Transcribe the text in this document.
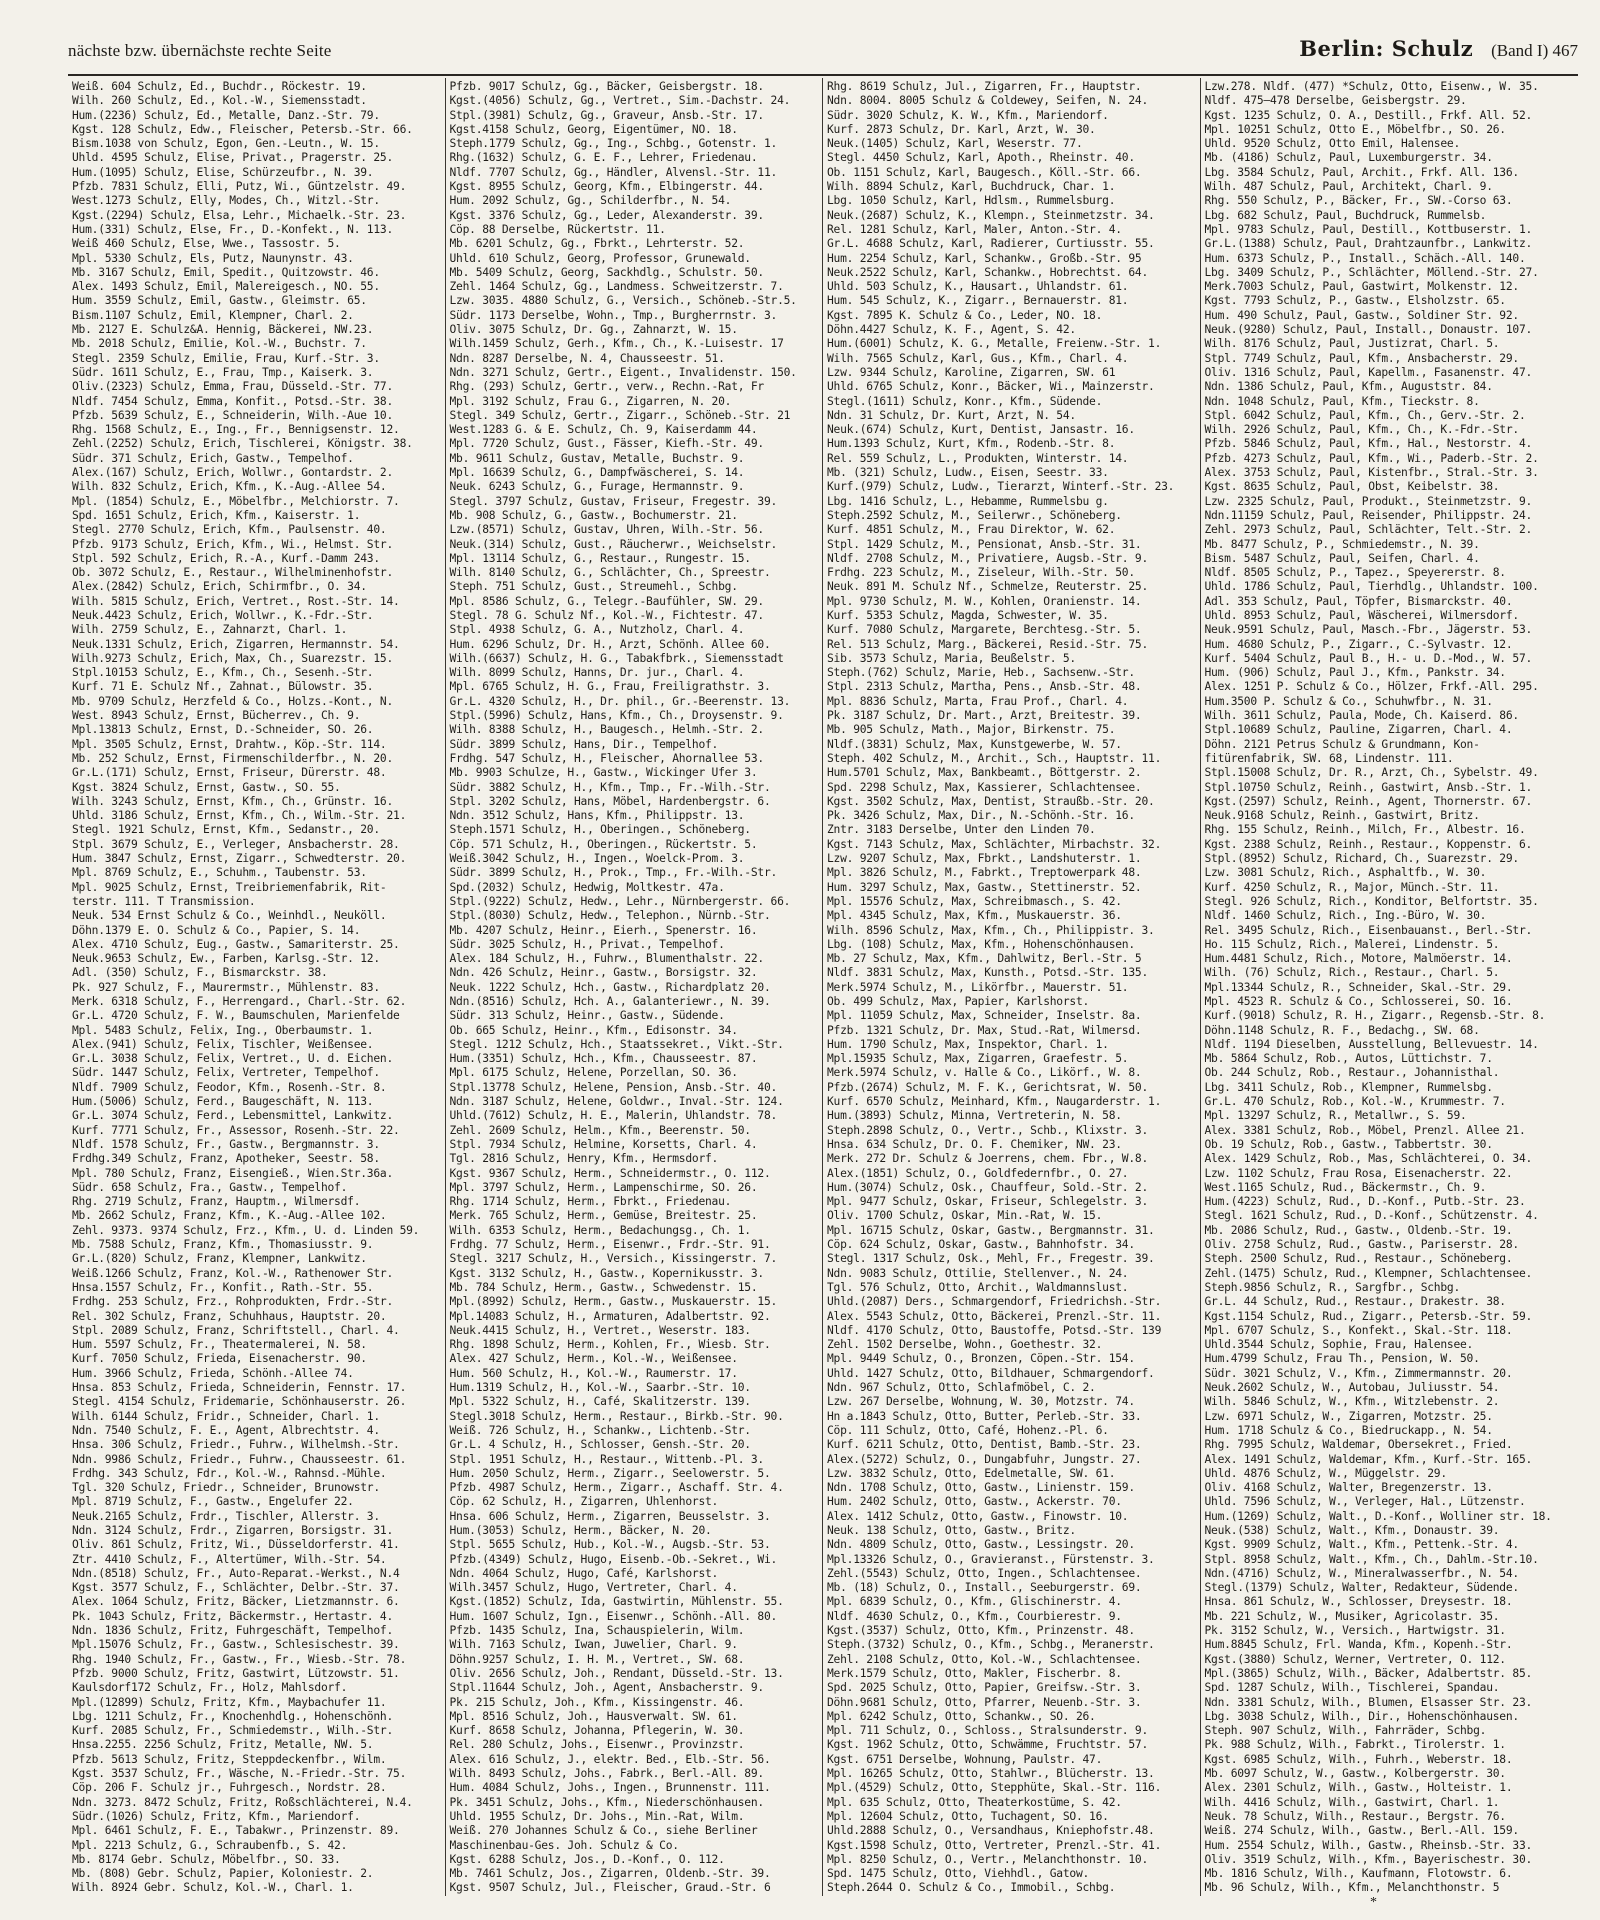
nächste bzw. übernächste rechte Seite	Berlin: Schulz (Band I) 467
Weiß. 604 Schulz, Ed., Buchdr., Röckestr. 19.
Wilh. 260 Schulz, Ed., Kol.-W., Siemensstadt.
Hum.(2236) Schulz, Ed., Metalle, Danz.-Str. 79.
Kgst. 128 Schulz, Edw., Fleischer, Petersb.-Str. 66.
Bism.1038 von Schulz, Egon, Gen.-Leutn., W. 15.
Uhld. 4595 Schulz, Elise, Privat., Pragerstr. 25.
Hum.(1095) Schulz, Elise, Schürzeufbr., N. 39.
Pfzb. 7831 Schulz, Elli, Putz, Wi., Güntzelstr. 49.
West.1273 Schulz, Elly, Modes, Ch., Witzl.-Str.
Kgst.(2294) Schulz, Elsa, Lehr., Michaelk.-Str. 23.
Hum.(331) Schulz, Else, Fr., D.-Konfekt., N. 113.
Weiß 460 Schulz, Else, Wwe., Tassostr. 5.
Mpl. 5330 Schulz, Els, Putz, Naunynstr. 43.
Mb. 3167 Schulz, Emil, Spedit., Quitzowstr. 46.
Alex. 1493 Schulz, Emil, Malereigesch., NO. 55.
Hum. 3559 Schulz, Emil, Gastw., Gleimstr. 65.
Bism.1107 Schulz, Emil, Klempner, Charl. 2.
Mb. 2127 E. Schulz&A. Hennig, Bäckerei, NW.23.
Mb. 2018 Schulz, Emilie, Kol.-W., Buchstr. 7.
Stegl. 2359 Schulz, Emilie, Frau, Kurf.-Str. 3.
Südr. 1611 Schulz, E., Frau, Tmp., Kaiserk. 3.
Oliv.(2323) Schulz, Emma, Frau, Düsseld.-Str. 77.
Nldf. 7454 Schulz, Emma, Konfit., Potsd.-Str. 38.
Pfzb. 5639 Schulz, E., Schneiderin, Wilh.-Aue 10.
Rhg. 1568 Schulz, E., Ing., Fr., Bennigsenstr. 12.
Zehl.(2252) Schulz, Erich, Tischlerei, Königstr. 38.
Südr. 371 Schulz, Erich, Gastw., Tempelhof.
Alex.(167) Schulz, Erich, Wollwr., Gontardstr. 2.
Wilh. 832 Schulz, Erich, Kfm., K.-Aug.-Allee 54.
Mpl. (1854) Schulz, E., Möbelfbr., Melchiorstr. 7.
Spd. 1651 Schulz, Erich, Kfm., Kaiserstr. 1.
Stegl. 2770 Schulz, Erich, Kfm., Paulsenstr. 40.
Pfzb. 9173 Schulz, Erich, Kfm., Wi., Helmst. Str.
Stpl. 592 Schulz, Erich, R.-A., Kurf.-Damm 243.
Ob. 3072 Schulz, E., Restaur., Wilhelminenhofstr.
Alex.(2842) Schulz, Erich, Schirmfbr., O. 34.
Wilh. 5815 Schulz, Erich, Vertret., Rost.-Str. 14.
Neuk.4423 Schulz, Erich, Wollwr., K.-Fdr.-Str.
Wilh. 2759 Schulz, E., Zahnarzt, Charl. 1.
Neuk.1331 Schulz, Erich, Zigarren, Hermannstr. 54.
Wilh.9273 Schulz, Erich, Max, Ch., Suarezstr. 15.
Stpl.10153 Schulz, E., Kfm., Ch., Sesenh.-Str.
Kurf. 71 E. Schulz Nf., Zahnat., Bülowstr. 35.
Mb. 9709 Schulz, Herzfeld & Co., Holzs.-Kont., N.
West. 8943 Schulz, Ernst, Bücherrev., Ch. 9.
Mpl.13813 Schulz, Ernst, D.-Schneider, SO. 26.
Mpl. 3505 Schulz, Ernst, Drahtw., Köp.-Str. 114.
Mb. 252 Schulz, Ernst, Firmenschilderfbr., N. 20.
Gr.L.(171) Schulz, Ernst, Friseur, Dürerstr. 48.
Kgst. 3824 Schulz, Ernst, Gastw., SO. 55.
Wilh. 3243 Schulz, Ernst, Kfm., Ch., Grünstr. 16.
Uhld. 3186 Schulz, Ernst, Kfm., Ch., Wilm.-Str. 21.
Stegl. 1921 Schulz, Ernst, Kfm., Sedanstr., 20.
Stpl. 3679 Schulz, E., Verleger, Ansbacherstr. 28.
Hum. 3847 Schulz, Ernst, Zigarr., Schwedterstr. 20.
Mpl. 8769 Schulz, E., Schuhm., Taubenstr. 53.
Mpl. 9025 Schulz, Ernst, Treibriemenfabrik, Rit-
terstr. 111. T Transmission.
Neuk. 534 Ernst Schulz & Co., Weinhdl., Neuköll.
Döhn.1379 E. O. Schulz & Co., Papier, S. 14.
Alex. 4710 Schulz, Eug., Gastw., Samariterstr. 25.
Neuk.9653 Schulz, Ew., Farben, Karlsg.-Str. 12.
Adl. (350) Schulz, F., Bismarckstr. 38.
Pk. 927 Schulz, F., Maurermstr., Mühlenstr. 83.
Merk. 6318 Schulz, F., Herrengard., Charl.-Str. 62.
Gr.L. 4720 Schulz, F. W., Baumschulen, Marienfelde
Mpl. 5483 Schulz, Felix, Ing., Oberbaumstr. 1.
Alex.(941) Schulz, Felix, Tischler, Weißensee.
Gr.L. 3038 Schulz, Felix, Vertret., U. d. Eichen.
Südr. 1447 Schulz, Felix, Vertreter, Tempelhof.
Nldf. 7909 Schulz, Feodor, Kfm., Rosenh.-Str. 8.
Hum.(5006) Schulz, Ferd., Baugeschäft, N. 113.
Gr.L. 3074 Schulz, Ferd., Lebensmittel, Lankwitz.
Kurf. 7771 Schulz, Fr., Assessor, Rosenh.-Str. 22.
Nldf. 1578 Schulz, Fr., Gastw., Bergmannstr. 3.
Frdhg.349 Schulz, Franz, Apotheker, Seestr. 58.
Mpl. 780 Schulz, Franz, Eisengieß., Wien.Str.36a.
Südr. 658 Schulz, Fra., Gastw., Tempelhof.
Rhg. 2719 Schulz, Franz, Hauptm., Wilmersdf.
Mb. 2662 Schulz, Franz, Kfm., K.-Aug.-Allee 102.
Zehl. 9373. 9374 Schulz, Frz., Kfm., U. d. Linden 59.
Mb. 7588 Schulz, Franz, Kfm., Thomasiusstr. 9.
Gr.L.(820) Schulz, Franz, Klempner, Lankwitz.
Weiß.1266 Schulz, Franz, Kol.-W., Rathenower Str.
Hnsa.1557 Schulz, Fr., Konfit., Rath.-Str. 55.
Frdhg. 253 Schulz, Frz., Rohprodukten, Frdr.-Str.
Rel. 302 Schulz, Franz, Schuhhaus, Hauptstr. 20.
Stpl. 2089 Schulz, Franz, Schriftstell., Charl. 4.
Hum. 5597 Schulz, Fr., Theatermalerei, N. 58.
Kurf. 7050 Schulz, Frieda, Eisenacherstr. 90.
Hum. 3966 Schulz, Frieda, Schönh.-Allee 74.
Hnsa. 853 Schulz, Frieda, Schneiderin, Fennstr. 17.
Stegl. 4154 Schulz, Fridemarie, Schönhauserstr. 26.
Wilh. 6144 Schulz, Fridr., Schneider, Charl. 1.
Ndn. 7540 Schulz, F. E., Agent, Albrechtstr. 4.
Hnsa. 306 Schulz, Friedr., Fuhrw., Wilhelmsh.-Str.
Ndn. 9986 Schulz, Friedr., Fuhrw., Chausseestr. 61.
Frdhg. 343 Schulz, Fdr., Kol.-W., Rahnsd.-Mühle.
Tgl. 320 Schulz, Friedr., Schneider, Brunowstr.
Mpl. 8719 Schulz, F., Gastw., Engelufer 22.
Neuk.2165 Schulz, Frdr., Tischler, Allerstr. 3.
Ndn. 3124 Schulz, Frdr., Zigarren, Borsigstr. 31.
Oliv. 861 Schulz, Fritz, Wi., Düsseldorferstr. 41.
Ztr. 4410 Schulz, F., Altertümer, Wilh.-Str. 54.
Ndn.(8518) Schulz, Fr., Auto-Reparat.-Werkst., N.4
Kgst. 3577 Schulz, F., Schlächter, Delbr.-Str. 37.
Alex. 1064 Schulz, Fritz, Bäcker, Lietzmannstr. 6.
Pk. 1043 Schulz, Fritz, Bäckermstr., Hertastr. 4.
Ndn. 1836 Schulz, Fritz, Fuhrgeschäft, Tempelhof.
Mpl.15076 Schulz, Fr., Gastw., Schlesischestr. 39.
Rhg. 1940 Schulz, Fr., Gastw., Fr., Wiesb.-Str. 78.
Pfzb. 9000 Schulz, Fritz, Gastwirt, Lützowstr. 51.
Kaulsdorf172 Schulz, Fr., Holz, Mahlsdorf.
Mpl.(12899) Schulz, Fritz, Kfm., Maybachufer 11.
Lbg. 1211 Schulz, Fr., Knochenhdlg., Hohenschönh.
Kurf. 2085 Schulz, Fr., Schmiedemstr., Wilh.-Str.
Hnsa.2255. 2256 Schulz, Fritz, Metalle, NW. 5.
Pfzb. 5613 Schulz, Fritz, Steppdeckenfbr., Wilm.
Kgst. 3537 Schulz, Fr., Wäsche, N.-Friedr.-Str. 75.
Cöp. 206 F. Schulz jr., Fuhrgesch., Nordstr. 28.
Ndn. 3273. 8472 Schulz, Fritz, Roßschlächterei, N.4.
Südr.(1026) Schulz, Fritz, Kfm., Mariendorf.
Mpl. 6461 Schulz, F. E., Tabakwr., Prinzenstr. 89.
Mpl. 2213 Schulz, G., Schraubenfb., S. 42.
Mb. 8174 Gebr. Schulz, Möbelfbr., SO. 33.
Mb. (808) Gebr. Schulz, Papier, Koloniestr. 2.
Wilh. 8924 Gebr. Schulz, Kol.-W., Charl. 1.
Pfzb. 9017 Schulz, Gg., Bäcker, Geisbergstr. 18.
Kgst.(4056) Schulz, Gg., Vertret., Sim.-Dachstr. 24.
Stpl.(3981) Schulz, Gg., Graveur, Ansb.-Str. 17.
Kgst.4158 Schulz, Georg, Eigentümer, NO. 18.
Steph.1779 Schulz, Gg., Ing., Schbg., Gotenstr. 1.
Rhg.(1632) Schulz, G. E. F., Lehrer, Friedenau.
Nldf. 7707 Schulz, Gg., Händler, Alvensl.-Str. 11.
Kgst. 8955 Schulz, Georg, Kfm., Elbingerstr. 44.
Hum. 2092 Schulz, Gg., Schilderfbr., N. 54.
Kgst. 3376 Schulz, Gg., Leder, Alexanderstr. 39.
Cöp. 88 Derselbe, Rückertstr. 11.
Mb. 6201 Schulz, Gg., Fbrkt., Lehrterstr. 52.
Uhld. 610 Schulz, Georg, Professor, Grunewald.
Mb. 5409 Schulz, Georg, Sackhdlg., Schulstr. 50.
Zehl. 1464 Schulz, Gg., Landmess. Schweitzerstr. 7.
Lzw. 3035. 4880 Schulz, G., Versich., Schöneb.-Str.5.
Südr. 1173 Derselbe, Wohn., Tmp., Burgherrnstr. 3.
Oliv. 3075 Schulz, Dr. Gg., Zahnarzt, W. 15.
Wilh.1459 Schulz, Gerh., Kfm., Ch., K.-Luisestr. 17
Ndn. 8287 Derselbe, N. 4, Chausseestr. 51.
Ndn. 3271 Schulz, Gertr., Eigent., Invalidenstr. 150.
Rhg. (293) Schulz, Gertr., verw., Rechn.-Rat, Fr
Mpl. 3192 Schulz, Frau G., Zigarren, N. 20.
Stegl. 349 Schulz, Gertr., Zigarr., Schöneb.-Str. 21
West.1283 G. & E. Schulz, Ch. 9, Kaiserdamm 44.
Mpl. 7720 Schulz, Gust., Fässer, Kiefh.-Str. 49.
Mb. 9611 Schulz, Gustav, Metalle, Buchstr. 9.
Mpl. 16639 Schulz, G., Dampfwäscherei, S. 14.
Neuk. 6243 Schulz, G., Furage, Hermannstr. 9.
Stegl. 3797 Schulz, Gustav, Friseur, Fregestr. 39.
Mb. 908 Schulz, G., Gastw., Bochumerstr. 21.
Lzw.(8571) Schulz, Gustav, Uhren, Wilh.-Str. 56.
Neuk.(314) Schulz, Gust., Räucherwr., Weichselstr.
Mpl. 13114 Schulz, G., Restaur., Rungestr. 15.
Wilh. 8140 Schulz, G., Schlächter, Ch., Spreestr.
Steph. 751 Schulz, Gust., Streumehl., Schbg.
Mpl. 8586 Schulz, G., Telegr.-Baufühler, SW. 29.
Stegl. 78 G. Schulz Nf., Kol.-W., Fichtestr. 47.
Stpl. 4938 Schulz, G. A., Nutzholz, Charl. 4.
Hum. 6296 Schulz, Dr. H., Arzt, Schönh. Allee 60.
Wilh.(6637) Schulz, H. G., Tabakfbrk., Siemensstadt
Wilh. 8099 Schulz, Hanns, Dr. jur., Charl. 4.
Mpl. 6765 Schulz, H. G., Frau, Freiligrathstr. 3.
Gr.L. 4320 Schulz, H., Dr. phil., Gr.-Beerenstr. 13.
Stpl.(5996) Schulz, Hans, Kfm., Ch., Droysenstr. 9.
Wilh. 8388 Schulz, H., Baugesch., Helmh.-Str. 2.
Südr. 3899 Schulz, Hans, Dir., Tempelhof.
Frdhg. 547 Schulz, H., Fleischer, Ahornallee 53.
Mb. 9903 Schulze, H., Gastw., Wickinger Ufer 3.
Südr. 3882 Schulz, H., Kfm., Tmp., Fr.-Wilh.-Str.
Stpl. 3202 Schulz, Hans, Möbel, Hardenbergstr. 6.
Ndn. 3512 Schulz, Hans, Kfm., Philippstr. 13.
Steph.1571 Schulz, H., Oberingen., Schöneberg.
Cöp. 571 Schulz, H., Oberingen., Rückertstr. 5.
Weiß.3042 Schulz, H., Ingen., Woelck-Prom. 3.
Südr. 3899 Schulz, H., Prok., Tmp., Fr.-Wilh.-Str.
Spd.(2032) Schulz, Hedwig, Moltkestr. 47a.
Stpl.(9222) Schulz, Hedw., Lehr., Nürnbergerstr. 66.
Stpl.(8030) Schulz, Hedw., Telephon., Nürnb.-Str.
Mb. 4207 Schulz, Heinr., Eierh., Spenerstr. 16.
Südr. 3025 Schulz, H., Privat., Tempelhof.
Alex. 184 Schulz, H., Fuhrw., Blumenthalstr. 22.
Ndn. 426 Schulz, Heinr., Gastw., Borsigstr. 32.
Neuk. 1222 Schulz, Hch., Gastw., Richardplatz 20.
Ndn.(8516) Schulz, Hch. A., Galanteriewr., N. 39.
Südr. 313 Schulz, Heinr., Gastw., Südende.
Ob. 665 Schulz, Heinr., Kfm., Edisonstr. 34.
Stegl. 1212 Schulz, Hch., Staatssekret., Vikt.-Str.
Hum.(3351) Schulz, Hch., Kfm., Chausseestr. 87.
Mpl. 6175 Schulz, Helene, Porzellan, SO. 36.
Stpl.13778 Schulz, Helene, Pension, Ansb.-Str. 40.
Ndn. 3187 Schulz, Helene, Goldwr., Inval.-Str. 124.
Uhld.(7612) Schulz, H. E., Malerin, Uhlandstr. 78.
Zehl. 2609 Schulz, Helm., Kfm., Beerenstr. 50.
Stpl. 7934 Schulz, Helmine, Korsetts, Charl. 4.
Tgl. 2816 Schulz, Henry, Kfm., Hermsdorf.
Kgst. 9367 Schulz, Herm., Schneidermstr., O. 112.
Mpl. 3797 Schulz, Herm., Lampenschirme, SO. 26.
Rhg. 1714 Schulz, Herm., Fbrkt., Friedenau.
Merk. 765 Schulz, Herm., Gemüse, Breitestr. 25.
Wilh. 6353 Schulz, Herm., Bedachungsg., Ch. 1.
Frdhg. 77 Schulz, Herm., Eisenwr., Frdr.-Str. 91.
Stegl. 3217 Schulz, H., Versich., Kissingerstr. 7.
Kgst. 3132 Schulz, H., Gastw., Kopernikusstr. 3.
Mb. 784 Schulz, Herm., Gastw., Schwedenstr. 15.
Mpl.(8992) Schulz, Herm., Gastw., Muskauerstr. 15.
Mpl.14083 Schulz, H., Armaturen, Adalbertstr. 92.
Neuk.4415 Schulz, H., Vertret., Weserstr. 183.
Rhg. 1898 Schulz, Herm., Kohlen, Fr., Wiesb. Str.
Alex. 427 Schulz, Herm., Kol.-W., Weißensee.
Hum. 560 Schulz, H., Kol.-W., Raumerstr. 17.
Hum.1319 Schulz, H., Kol.-W., Saarbr.-Str. 10.
Mpl. 5322 Schulz, H., Café, Skalitzerstr. 139.
Stegl.3018 Schulz, Herm., Restaur., Birkb.-Str. 90.
Weiß. 726 Schulz, H., Schankw., Lichtenb.-Str.
Gr.L. 4 Schulz, H., Schlosser, Gensh.-Str. 20.
Stpl. 1951 Schulz, H., Restaur., Wittenb.-Pl. 3.
Hum. 2050 Schulz, Herm., Zigarr., Seelowerstr. 5.
Pfzb. 4987 Schulz, Herm., Zigarr., Aschaff. Str. 4.
Cöp. 62 Schulz, H., Zigarren, Uhlenhorst.
Hnsa. 606 Schulz, Herm., Zigarren, Beusselstr. 3.
Hum.(3053) Schulz, Herm., Bäcker, N. 20.
Stpl. 5655 Schulz, Hub., Kol.-W., Augsb.-Str. 53.
Pfzb.(4349) Schulz, Hugo, Eisenb.-Ob.-Sekret., Wi.
Ndn. 4064 Schulz, Hugo, Café, Karlshorst.
Wilh.3457 Schulz, Hugo, Vertreter, Charl. 4.
Kgst.(1852) Schulz, Ida, Gastwirtin, Mühlenstr. 55.
Hum. 1607 Schulz, Ign., Eisenwr., Schönh.-All. 80.
Pfzb. 1435 Schulz, Ina, Schauspielerin, Wilm.
Wilh. 7163 Schulz, Iwan, Juwelier, Charl. 9.
Döhn.9257 Schulz, I. H. M., Vertret., SW. 68.
Oliv. 2656 Schulz, Joh., Rendant, Düsseld.-Str. 13.
Stpl.11644 Schulz, Joh., Agent, Ansbacherstr. 9.
Pk. 215 Schulz, Joh., Kfm., Kissingenstr. 46.
Mpl. 8516 Schulz, Joh., Hausverwalt. SW. 61.
Kurf. 8658 Schulz, Johanna, Pflegerin, W. 30.
Rel. 280 Schulz, Johs., Eisenwr., Provinzstr.
Alex. 616 Schulz, J., elektr. Bed., Elb.-Str. 56.
Wilh. 8493 Schulz, Johs., Fabrk., Berl.-All. 89.
Hum. 4084 Schulz, Johs., Ingen., Brunnenstr. 111.
Pk. 3451 Schulz, Johs., Kfm., Niederschönhausen.
Uhld. 1955 Schulz, Dr. Johs., Min.-Rat, Wilm.
Weiß. 270 Johannes Schulz & Co., siehe Berliner
Maschinenbau-Ges. Joh. Schulz & Co.
Kgst. 6288 Schulz, Jos., D.-Konf., O. 112.
Mb. 7461 Schulz, Jos., Zigarren, Oldenb.-Str. 39.
Kgst. 9507 Schulz, Jul., Fleischer, Graud.-Str. 6
Rhg. 8619 Schulz, Jul., Zigarren, Fr., Hauptstr.
Ndn. 8004. 8005 Schulz & Coldewey, Seifen, N. 24.
Südr. 3020 Schulz, K. W., Kfm., Mariendorf.
Kurf. 2873 Schulz, Dr. Karl, Arzt, W. 30.
Neuk.(1405) Schulz, Karl, Weserstr. 77.
Stegl. 4450 Schulz, Karl, Apoth., Rheinstr. 40.
Ob. 1151 Schulz, Karl, Baugesch., Köll.-Str. 66.
Wilh. 8894 Schulz, Karl, Buchdruck, Char. 1.
Lbg. 1050 Schulz, Karl, Hdlsm., Rummelsburg.
Neuk.(2687) Schulz, K., Klempn., Steinmetzstr. 34.
Rel. 1281 Schulz, Karl, Maler, Anton.-Str. 4.
Gr.L. 4688 Schulz, Karl, Radierer, Curtiusstr. 55.
Hum. 2254 Schulz, Karl, Schankw., Großb.-Str. 95
Neuk.2522 Schulz, Karl, Schankw., Hobrechtst. 64.
Uhld. 503 Schulz, K., Hausart., Uhlandstr. 61.
Hum. 545 Schulz, K., Zigarr., Bernauerstr. 81.
Kgst. 7895 K. Schulz & Co., Leder, NO. 18.
Döhn.4427 Schulz, K. F., Agent, S. 42.
Hum.(6001) Schulz, K. G., Metalle, Freienw.-Str. 1.
Wilh. 7565 Schulz, Karl, Gus., Kfm., Charl. 4.
Lzw. 9344 Schulz, Karoline, Zigarren, SW. 61
Uhld. 6765 Schulz, Konr., Bäcker, Wi., Mainzerstr.
Stegl.(1611) Schulz, Konr., Kfm., Südende.
Ndn. 31 Schulz, Dr. Kurt, Arzt, N. 54.
Neuk.(674) Schulz, Kurt, Dentist, Jansastr. 16.
Hum.1393 Schulz, Kurt, Kfm., Rodenb.-Str. 8.
Rel. 559 Schulz, L., Produkten, Winterstr. 14.
Mb. (321) Schulz, Ludw., Eisen, Seestr. 33.
Kurf.(979) Schulz, Ludw., Tierarzt, Winterf.-Str. 23.
Lbg. 1416 Schulz, L., Hebamme, Rummelsbu g.
Steph.2592 Schulz, M., Seilerwr., Schöneberg.
Kurf. 4851 Schulz, M., Frau Direktor, W. 62.
Stpl. 1429 Schulz, M., Pensionat, Ansb.-Str. 31.
Nldf. 2708 Schulz, M., Privatiere, Augsb.-Str. 9.
Frdhg. 223 Schulz, M., Ziseleur, Wilh.-Str. 50.
Neuk. 891 M. Schulz Nf., Schmelze, Reuterstr. 25.
Mpl. 9730 Schulz, M. W., Kohlen, Oranienstr. 14.
Kurf. 5353 Schulz, Magda, Schwester, W. 35.
Kurf. 7080 Schulz, Margarete, Berchtesg.-Str. 5.
Rel. 513 Schulz, Marg., Bäckerei, Resid.-Str. 75.
Sib. 3573 Schulz, Maria, Beußelstr. 5.
Steph.(762) Schulz, Marie, Heb., Sachsenw.-Str.
Stpl. 2313 Schulz, Martha, Pens., Ansb.-Str. 48.
Mpl. 8836 Schulz, Marta, Frau Prof., Charl. 4.
Pk. 3187 Schulz, Dr. Mart., Arzt, Breitestr. 39.
Mb. 905 Schulz, Math., Major, Birkenstr. 75.
Nldf.(3831) Schulz, Max, Kunstgewerbe, W. 57.
Steph. 402 Schulz, M., Archit., Sch., Hauptstr. 11.
Hum.5701 Schulz, Max, Bankbeamt., Böttgerstr. 2.
Spd. 2298 Schulz, Max, Kassierer, Schlachtensee.
Kgst. 3502 Schulz, Max, Dentist, Straußb.-Str. 20.
Pk. 3426 Schulz, Max, Dir., N.-Schönh.-Str. 16.
Zntr. 3183 Derselbe, Unter den Linden 70.
Kgst. 7143 Schulz, Max, Schlächter, Mirbachstr. 32.
Lzw. 9207 Schulz, Max, Fbrkt., Landshuterstr. 1.
Mpl. 3826 Schulz, M., Fabrkt., Treptowerpark 48.
Hum. 3297 Schulz, Max, Gastw., Stettinerstr. 52.
Mpl. 15576 Schulz, Max, Schreibmasch., S. 42.
Mpl. 4345 Schulz, Max, Kfm., Muskauerstr. 36.
Wilh. 8596 Schulz, Max, Kfm., Ch., Philippistr. 3.
Lbg. (108) Schulz, Max, Kfm., Hohenschönhausen.
Mb. 27 Schulz, Max, Kfm., Dahlwitz, Berl.-Str. 5
Nldf. 3831 Schulz, Max, Kunsth., Potsd.-Str. 135.
Merk.5974 Schulz, M., Likörfbr., Mauerstr. 51.
Ob. 499 Schulz, Max, Papier, Karlshorst.
Mpl. 11059 Schulz, Max, Schneider, Inselstr. 8a.
Pfzb. 1321 Schulz, Dr. Max, Stud.-Rat, Wilmersd.
Hum. 1790 Schulz, Max, Inspektor, Charl. 1.
Mpl.15935 Schulz, Max, Zigarren, Graefestr. 5.
Merk.5974 Schulz, v. Halle & Co., Likörf., W. 8.
Pfzb.(2674) Schulz, M. F. K., Gerichtsrat, W. 50.
Kurf. 6570 Schulz, Meinhard, Kfm., Naugarderstr. 1.
Hum.(3893) Schulz, Minna, Vertreterin, N. 58.
Steph.2898 Schulz, O., Vertr., Schb., Klixstr. 3.
Hnsa. 634 Schulz, Dr. O. F. Chemiker, NW. 23.
Merk. 272 Dr. Schulz & Joerrens, chem. Fbr., W.8.
Alex.(1851) Schulz, O., Goldfedernfbr., O. 27.
Hum.(3074) Schulz, Osk., Chauffeur, Sold.-Str. 2.
Mpl. 9477 Schulz, Oskar, Friseur, Schlegelstr. 3.
Oliv. 1700 Schulz, Oskar, Min.-Rat, W. 15.
Mpl. 16715 Schulz, Oskar, Gastw., Bergmannstr. 31.
Cöp. 624 Schulz, Oskar, Gastw., Bahnhofstr. 34.
Stegl. 1317 Schulz, Osk., Mehl, Fr., Fregestr. 39.
Ndn. 9083 Schulz, Ottilie, Stellenver., N. 24.
Tgl. 576 Schulz, Otto, Archit., Waldmannslust.
Uhld.(2087) Ders., Schmargendorf, Friedrichsh.-Str.
Alex. 5543 Schulz, Otto, Bäckerei, Prenzl.-Str. 11.
Nldf. 4170 Schulz, Otto, Baustoffe, Potsd.-Str. 139
Zehl. 1502 Derselbe, Wohn., Goethestr. 32.
Mpl. 9449 Schulz, O., Bronzen, Cöpen.-Str. 154.
Uhld. 1427 Schulz, Otto, Bildhauer, Schmargendorf.
Ndn. 967 Schulz, Otto, Schlafmöbel, C. 2.
Lzw. 267 Derselbe, Wohnung, W. 30, Motzstr. 74.
Hn a.1843 Schulz, Otto, Butter, Perleb.-Str. 33.
Cöp. 111 Schulz, Otto, Café, Hohenz.-Pl. 6.
Kurf. 6211 Schulz, Otto, Dentist, Bamb.-Str. 23.
Alex.(5272) Schulz, O., Dungabfuhr, Jungstr. 27.
Lzw. 3832 Schulz, Otto, Edelmetalle, SW. 61.
Ndn. 1708 Schulz, Otto, Gastw., Linienstr. 159.
Hum. 2402 Schulz, Otto, Gastw., Ackerstr. 70.
Alex. 1412 Schulz, Otto, Gastw., Finowstr. 10.
Neuk. 138 Schulz, Otto, Gastw., Britz.
Ndn. 4809 Schulz, Otto, Gastw., Lessingstr. 20.
Mpl.13326 Schulz, O., Gravieranst., Fürstenstr. 3.
Zehl.(5543) Schulz, Otto, Ingen., Schlachtensee.
Mb. (18) Schulz, O., Install., Seeburgerstr. 69.
Mpl. 6839 Schulz, O., Kfm., Glischinerstr. 4.
Nldf. 4630 Schulz, O., Kfm., Courbierestr. 9.
Kgst.(3537) Schulz, Otto, Kfm., Prinzenstr. 48.
Steph.(3732) Schulz, O., Kfm., Schbg., Meranerstr.
Zehl. 2108 Schulz, Otto, Kol.-W., Schlachtensee.
Merk.1579 Schulz, Otto, Makler, Fischerbr. 8.
Spd. 2025 Schulz, Otto, Papier, Greifsw.-Str. 3.
Döhn.9681 Schulz, Otto, Pfarrer, Neuenb.-Str. 3.
Mpl. 6242 Schulz, Otto, Schankw., SO. 26.
Mpl. 711 Schulz, O., Schloss., Stralsunderstr. 9.
Kgst. 1962 Schulz, Otto, Schwämme, Fruchtstr. 57.
Kgst. 6751 Derselbe, Wohnung, Paulstr. 47.
Mpl. 16265 Schulz, Otto, Stahlwr., Blücherstr. 13.
Mpl.(4529) Schulz, Otto, Stepphüte, Skal.-Str. 116.
Mpl. 635 Schulz, Otto, Theaterkostüme, S. 42.
Mpl. 12604 Schulz, Otto, Tuchagent, SO. 16.
Uhld.2888 Schulz, O., Versandhaus, Kniephofstr.48.
Kgst.1598 Schulz, Otto, Vertreter, Prenzl.-Str. 41.
Mpl. 8250 Schulz, O., Vertr., Melanchthonstr. 10.
Spd. 1475 Schulz, Otto, Viehhdl., Gatow.
Steph.2644 O. Schulz & Co., Immobil., Schbg.
Lzw.278. Nldf. (477) *Schulz, Otto, Eisenw., W. 35.
Nldf. 475—478 Derselbe, Geisbergstr. 29.
Kgst. 1235 Schulz, O. A., Destill., Frkf. All. 52.
Mpl. 10251 Schulz, Otto E., Möbelfbr., SO. 26.
Uhld. 9520 Schulz, Otto Emil, Halensee.
Mb. (4186) Schulz, Paul, Luxemburgerstr. 34.
Lbg. 3584 Schulz, Paul, Archit., Frkf. All. 136.
Wilh. 487 Schulz, Paul, Architekt, Charl. 9.
Rhg. 550 Schulz, P., Bäcker, Fr., SW.-Corso 63.
Lbg. 682 Schulz, Paul, Buchdruck, Rummelsb.
Mpl. 9783 Schulz, Paul, Destill., Kottbuserstr. 1.
Gr.L.(1388) Schulz, Paul, Drahtzaunfbr., Lankwitz.
Hum. 6373 Schulz, P., Install., Schäch.-All. 140.
Lbg. 3409 Schulz, P., Schlächter, Möllend.-Str. 27.
Merk.7003 Schulz, Paul, Gastwirt, Molkenstr. 12.
Kgst. 7793 Schulz, P., Gastw., Elsholzstr. 65.
Hum. 490 Schulz, Paul, Gastw., Soldiner Str. 92.
Neuk.(9280) Schulz, Paul, Install., Donaustr. 107.
Wilh. 8176 Schulz, Paul, Justizrat, Charl. 5.
Stpl. 7749 Schulz, Paul, Kfm., Ansbacherstr. 29.
Oliv. 1316 Schulz, Paul, Kapellm., Fasanenstr. 47.
Ndn. 1386 Schulz, Paul, Kfm., Auguststr. 84.
Ndn. 1048 Schulz, Paul, Kfm., Tieckstr. 8.
Stpl. 6042 Schulz, Paul, Kfm., Ch., Gerv.-Str. 2.
Wilh. 2926 Schulz, Paul, Kfm., Ch., K.-Fdr.-Str.
Pfzb. 5846 Schulz, Paul, Kfm., Hal., Nestorstr. 4.
Pfzb. 4273 Schulz, Paul, Kfm., Wi., Paderb.-Str. 2.
Alex. 3753 Schulz, Paul, Kistenfbr., Stral.-Str. 3.
Kgst. 8635 Schulz, Paul, Obst, Keibelstr. 38.
Lzw. 2325 Schulz, Paul, Produkt., Steinmetzstr. 9.
Ndn.11159 Schulz, Paul, Reisender, Philippstr. 24.
Zehl. 2973 Schulz, Paul, Schlächter, Telt.-Str. 2.
Mb. 8477 Schulz, P., Schmiedemstr., N. 39.
Bism. 5487 Schulz, Paul, Seifen, Charl. 4.
Nldf. 8505 Schulz, P., Tapez., Speyererstr. 8.
Uhld. 1786 Schulz, Paul, Tierhdlg., Uhlandstr. 100.
Adl. 353 Schulz, Paul, Töpfer, Bismarckstr. 40.
Uhld. 8953 Schulz, Paul, Wäscherei, Wilmersdorf.
Neuk.9591 Schulz, Paul, Masch.-Fbr., Jägerstr. 53.
Hum. 4680 Schulz, P., Zigarr., C.-Sylvastr. 12.
Kurf. 5404 Schulz, Paul B., H.- u. D.-Mod., W. 57.
Hum. (906) Schulz, Paul J., Kfm., Pankstr. 34.
Alex. 1251 P. Schulz & Co., Hölzer, Frkf.-All. 295.
Hum.3500 P. Schulz & Co., Schuhwfbr., N. 31.
Wilh. 3611 Schulz, Paula, Mode, Ch. Kaiserd. 86.
Stpl.10689 Schulz, Pauline, Zigarren, Charl. 4.
Döhn. 2121 Petrus Schulz & Grundmann, Kon-
fitürenfabrik, SW. 68, Lindenstr. 111.
Stpl.15008 Schulz, Dr. R., Arzt, Ch., Sybelstr. 49.
Stpl.10750 Schulz, Reinh., Gastwirt, Ansb.-Str. 1.
Kgst.(2597) Schulz, Reinh., Agent, Thornerstr. 67.
Neuk.9168 Schulz, Reinh., Gastwirt, Britz.
Rhg. 155 Schulz, Reinh., Milch, Fr., Albestr. 16.
Kgst. 2388 Schulz, Reinh., Restaur., Koppenstr. 6.
Stpl.(8952) Schulz, Richard, Ch., Suarezstr. 29.
Lzw. 3081 Schulz, Rich., Asphaltfb., W. 30.
Kurf. 4250 Schulz, R., Major, Münch.-Str. 11.
Stegl. 926 Schulz, Rich., Konditor, Belfortstr. 35.
Nldf. 1460 Schulz, Rich., Ing.-Büro, W. 30.
Rel. 3495 Schulz, Rich., Eisenbauanst., Berl.-Str.
Ho. 115 Schulz, Rich., Malerei, Lindenstr. 5.
Hum.4481 Schulz, Rich., Motore, Malmöerstr. 14.
Wilh. (76) Schulz, Rich., Restaur., Charl. 5.
Mpl.13344 Schulz, R., Schneider, Skal.-Str. 29.
Mpl. 4523 R. Schulz & Co., Schlosserei, SO. 16.
Kurf.(9018) Schulz, R. H., Zigarr., Regensb.-Str. 8.
Döhn.1148 Schulz, R. F., Bedachg., SW. 68.
Nldf. 1194 Dieselben, Ausstellung, Bellevuestr. 14.
Mb. 5864 Schulz, Rob., Autos, Lüttichstr. 7.
Ob. 244 Schulz, Rob., Restaur., Johannisthal.
Lbg. 3411 Schulz, Rob., Klempner, Rummelsbg.
Gr.L. 470 Schulz, Rob., Kol.-W., Krummestr. 7.
Mpl. 13297 Schulz, R., Metallwr., S. 59.
Alex. 3381 Schulz, Rob., Möbel, Prenzl. Allee 21.
Ob. 19 Schulz, Rob., Gastw., Tabbertstr. 30.
Alex. 1429 Schulz, Rob., Mas, Schlächterei, O. 34.
Lzw. 1102 Schulz, Frau Rosa, Eisenacherstr. 22.
West.1165 Schulz, Rud., Bäckermstr., Ch. 9.
Hum.(4223) Schulz, Rud., D.-Konf., Putb.-Str. 23.
Stegl. 1621 Schulz, Rud., D.-Konf., Schützenstr. 4.
Mb. 2086 Schulz, Rud., Gastw., Oldenb.-Str. 19.
Oliv. 2758 Schulz, Rud., Gastw., Pariserstr. 28.
Steph. 2500 Schulz, Rud., Restaur., Schöneberg.
Zehl.(1475) Schulz, Rud., Klempner, Schlachtensee.
Steph.9856 Schulz, R., Sargfbr., Schbg.
Gr.L. 44 Schulz, Rud., Restaur., Drakestr. 38.
Kgst.1154 Schulz, Rud., Zigarr., Petersb.-Str. 59.
Mpl. 6707 Schulz, S., Konfekt., Skal.-Str. 118.
Uhld.3544 Schulz, Sophie, Frau, Halensee.
Hum.4799 Schulz, Frau Th., Pension, W. 50.
Südr. 3021 Schulz, V., Kfm., Zimmermannstr. 20.
Neuk.2602 Schulz, W., Autobau, Juliusstr. 54.
Wilh. 5846 Schulz, W., Kfm., Witzlebenstr. 2.
Lzw. 6971 Schulz, W., Zigarren, Motzstr. 25.
Hum. 1718 Schulz & Co., Biedruckapp., N. 54.
Rhg. 7995 Schulz, Waldemar, Obersekret., Fried.
Alex. 1491 Schulz, Waldemar, Kfm., Kurf.-Str. 165.
Uhld. 4876 Schulz, W., Müggelstr. 29.
Oliv. 4168 Schulz, Walter, Bregenzerstr. 13.
Uhld. 7596 Schulz, W., Verleger, Hal., Lützenstr.
Hum.(1269) Schulz, Walt., D.-Konf., Wolliner str. 18.
Neuk.(538) Schulz, Walt., Kfm., Donaustr. 39.
Kgst. 9909 Schulz, Walt., Kfm., Pettenk.-Str. 4.
Stpl. 8958 Schulz, Walt., Kfm., Ch., Dahlm.-Str.10.
Ndn.(4716) Schulz, W., Mineralwasserfbr., N. 54.
Stegl.(1379) Schulz, Walter, Redakteur, Südende.
Hnsa. 861 Schulz, W., Schlosser, Dreysestr. 18.
Mb. 221 Schulz, W., Musiker, Agricolastr. 35.
Pk. 3152 Schulz, W., Versich., Hartwigstr. 31.
Hum.8845 Schulz, Frl. Wanda, Kfm., Kopenh.-Str.
Kgst.(3880) Schulz, Werner, Vertreter, O. 112.
Mpl.(3865) Schulz, Wilh., Bäcker, Adalbertstr. 85.
Spd. 1287 Schulz, Wilh., Tischlerei, Spandau.
Ndn. 3381 Schulz, Wilh., Blumen, Elsasser Str. 23.
Lbg. 3038 Schulz, Wilh., Dir., Hohenschönhausen.
Steph. 907 Schulz, Wilh., Fahrräder, Schbg.
Pk. 988 Schulz, Wilh., Fabrkt., Tirolerstr. 1.
Kgst. 6985 Schulz, Wilh., Fuhrh., Weberstr. 18.
Mb. 6097 Schulz, W., Gastw., Kolbergerstr. 30.
Alex. 2301 Schulz, Wilh., Gastw., Holteistr. 1.
Wilh. 4416 Schulz, Wilh., Gastwirt, Charl. 1.
Neuk. 78 Schulz, Wilh., Restaur., Bergstr. 76.
Weiß. 274 Schulz, Wilh., Gastw., Berl.-All. 159.
Hum. 2554 Schulz, Wilh., Gastw., Rheinsb.-Str. 33.
Oliv. 3519 Schulz, Wilh., Kfm., Bayerischestr. 30.
Mb. 1816 Schulz, Wilh., Kaufmann, Flotowstr. 6.
Mb. 96 Schulz, Wilh., Kfm., Melanchthonstr. 5
*
